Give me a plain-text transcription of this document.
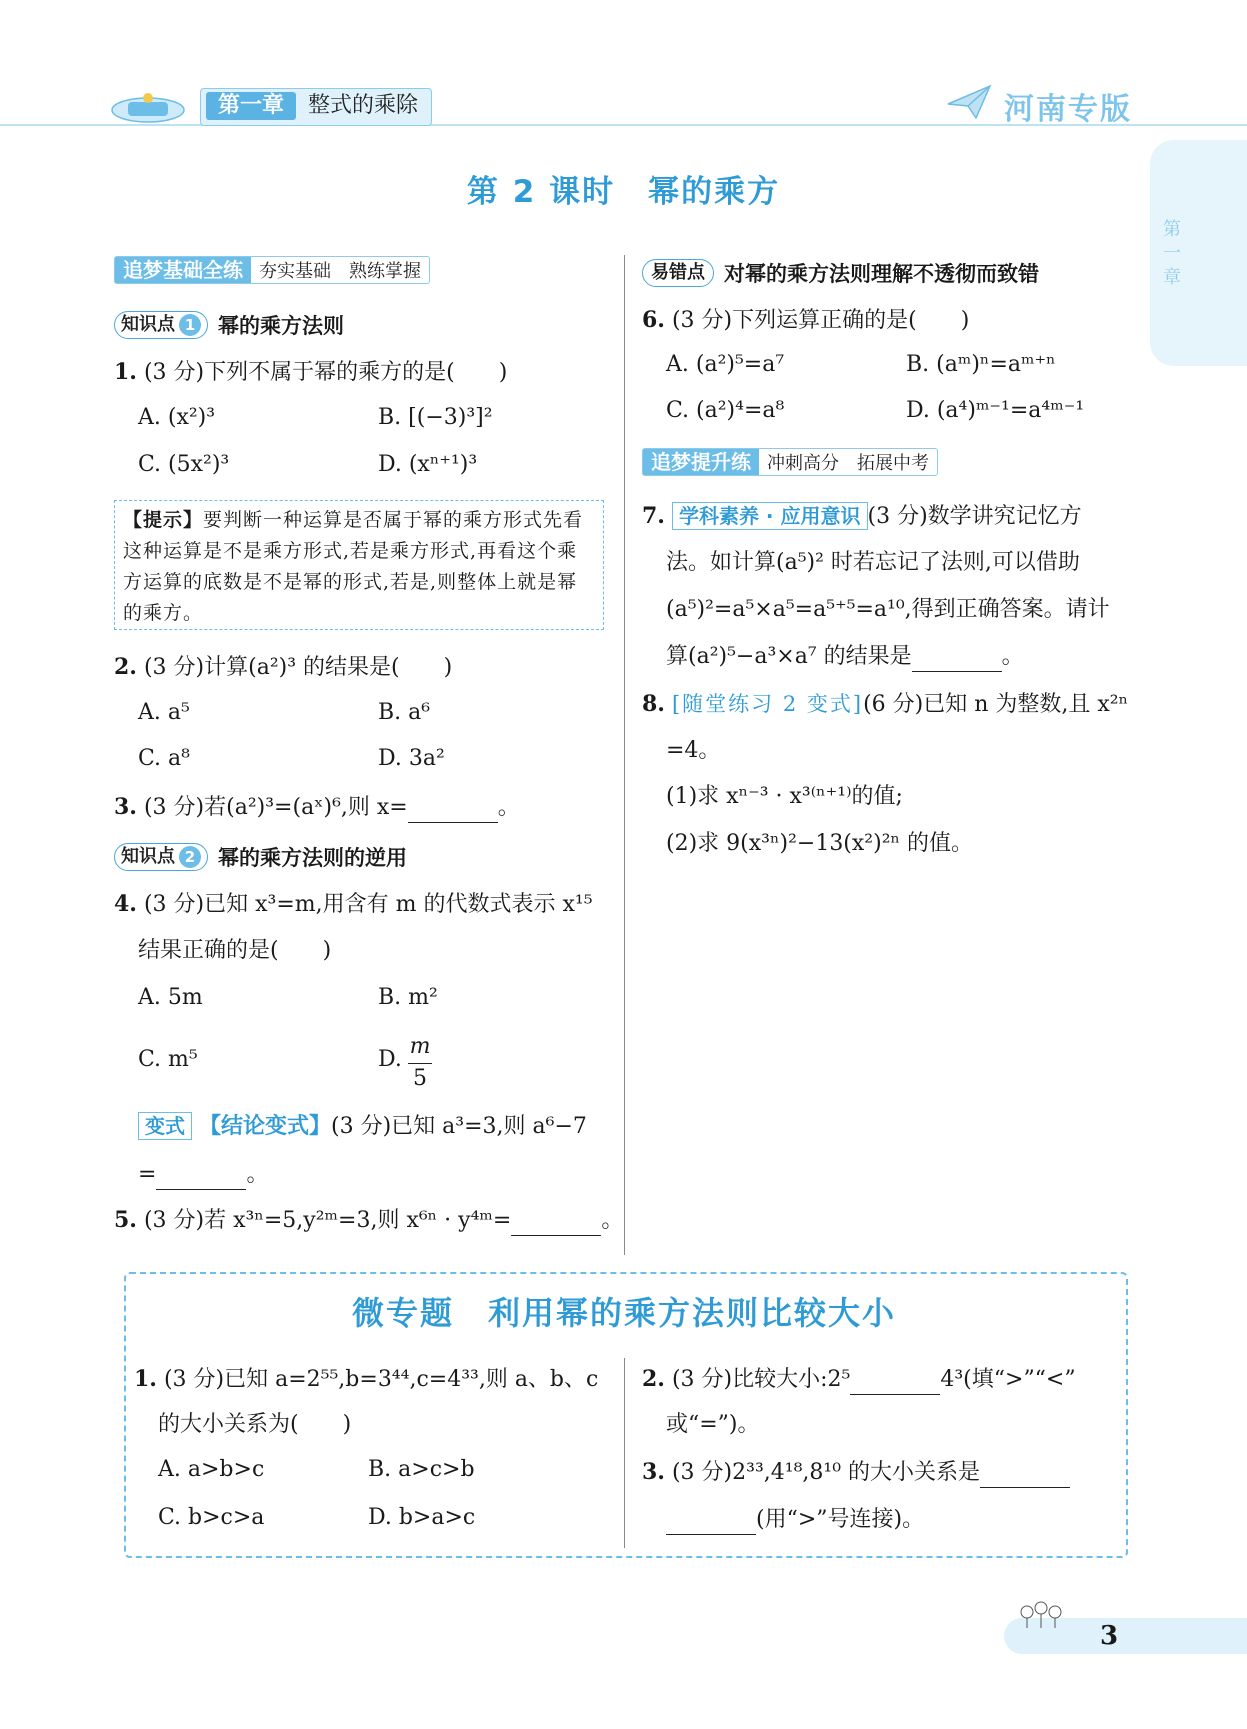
第一章	整式的乘除	河南专版
第一章
第 2 课时　幂的乘方
追梦基础全练 夯实基础　熟练掌握
知识点 1 幂的乘方法则
1. (3 分)下列不属于幂的乘方的是(　　)
A. (x²)³	B. [(−3)³]²
C. (5x²)³	D. (xⁿ⁺¹)³
【提示】要判断一种运算是否属于幂的乘方形式先看这种运算是不是乘方形式,若是乘方形式,再看这个乘方运算的底数是不是幂的形式,若是,则整体上就是幂的乘方。
2. (3 分)计算(a²)³ 的结果是(　　)
A. a⁵	B. a⁶
C. a⁸	D. 3a²
3. (3 分)若(a²)³=(aˣ)⁶,则 x=	。
知识点 2 幂的乘方法则的逆用
4. (3 分)已知 x³=m,用含有 m 的代数式表示 x¹⁵
结果正确的是(　　)
A. 5m	B. m²
C. m⁵	D.
m
5
变式 【结论变式】(3 分)已知 a³=3,则 a⁶−7
=	。
5. (3 分)若 x³ⁿ=5,y²ᵐ=3,则 x⁶ⁿ · y⁴ᵐ=	。
易错点 对幂的乘方法则理解不透彻而致错
6. (3 分)下列运算正确的是(　　)
A. (a²)⁵=a⁷	B. (aᵐ)ⁿ=aᵐ⁺ⁿ
C. (a²)⁴=a⁸	D. (a⁴)ᵐ⁻¹=a⁴ᵐ⁻¹
追梦提升练 冲刺高分　拓展中考
7. 学科素养 · 应用意识 (3 分)数学讲究记忆方
法。如计算(a⁵)² 时若忘记了法则,可以借助
(a⁵)²=a⁵×a⁵=a⁵⁺⁵=a¹⁰,得到正确答案。请计
算(a²)⁵−a³×a⁷ 的结果是	。
8. [随堂练习 2 变式](6 分)已知 n 为整数,且 x²ⁿ
=4。
(1)求 xⁿ⁻³ · x³⁽ⁿ⁺¹⁾的值;
(2)求 9(x³ⁿ)²−13(x²)²ⁿ 的值。
微专题　利用幂的乘方法则比较大小
1. (3 分)已知 a=2⁵⁵,b=3⁴⁴,c=4³³,则 a、b、c
的大小关系为(　　)
A. a>b>c	B. a>c>b
C. b>c>a	D. b>a>c
2. (3 分)比较大小:2⁵	4³(填“>”“<”
或“=”)。
3. (3 分)2³³,4¹⁸,8¹⁰ 的大小关系是
(用“>”号连接)。
3
